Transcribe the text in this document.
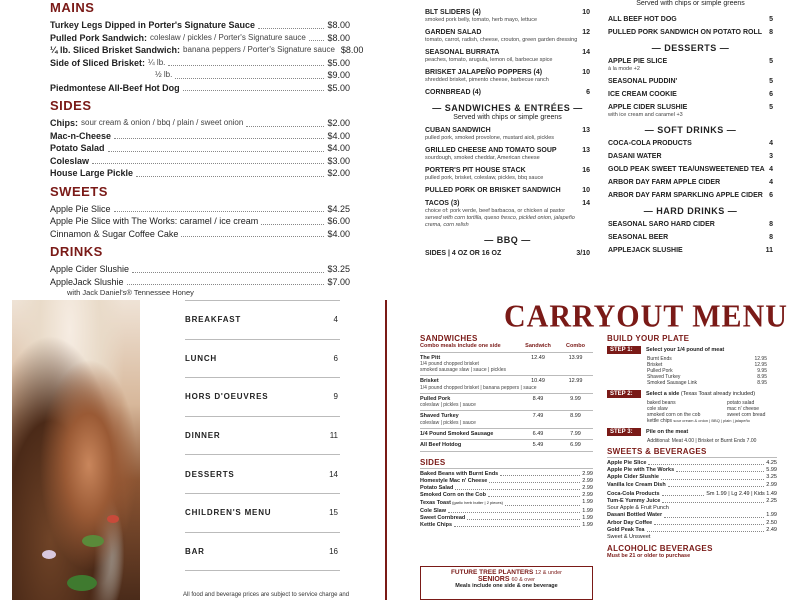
MAINS
Turkey Legs Dipped in Porter's Signature Sauce	$8.00
Pulled Pork Sandwich: coleslaw / pickles / Porter's Signature sauce $8.00
¼ lb. Sliced Brisket Sandwich: banana peppers / Porter's Signature sauce $8.00
Side of Sliced Brisket: ¼ lb.	$5.00
½ lb.	$9.00
Piedmontese All-Beef Hot Dog	$5.00
SIDES
Chips: sour cream & onion / bbq / plain / sweet onion	$2.00
Mac-n-Cheese	$4.00
Potato Salad	$4.00
Coleslaw	$3.00
House Large Pickle	$2.00
SWEETS
Apple Pie Slice	$4.25
Apple Pie Slice with The Works: caramel / ice cream	$6.00
Cinnamon & Sugar Coffee Cake	$4.00
DRINKS
Apple Cider Slushie	$3.25
AppleJack Slushie	$7.00
with Jack Daniel's® Tennessee Honey
BLT SLIDERS (4)	10
smoked pork belly, tomato, herb mayo, lettuce
GARDEN SALAD	12
tomato, carrot, radish, cheese, crouton, green garden dressing
SEASONAL BURRATA	14
peaches, tomato, arugula, lemon oil, barbecue spice
BRISKET JALAPEÑO POPPERS (4)	10
shredded brisket, pimento cheese, barbecue ranch
CORNBREAD (4)	6
— SANDWICHES & ENTRÉES —
Served with chips or simple greens
CUBAN SANDWICH	13
pulled pork, smoked provolone, mustard aioli, pickles
GRILLED CHEESE AND TOMATO SOUP	13
sourdough, smoked cheddar, American cheese
PORTER'S PIT HOUSE STACK	16
pulled pork, brisket, coleslaw, pickles, bbq sauce
PULLED PORK OR BRISKET SANDWICH	10
TACOS (3)	14
choice of: pork verde, beef barbacoa, or chicken al pastor
served with corn tortilla, queso fresco, pickled onion, jalapeño crema, corn relish
— BBQ —
SIDES | 4 OZ OR 16 OZ	3/10
Served with chips or simple greens
ALL BEEF HOT DOG	5
PULLED PORK SANDWICH ON POTATO ROLL 8
— DESSERTS —
APPLE PIE SLICE	5
à la mode +2
SEASONAL PUDDIN'	5
ICE CREAM COOKIE	6
APPLE CIDER SLUSHIE	5
with ice cream and caramel +3
— SOFT DRINKS —
COCA-COLA PRODUCTS	4
DASANI WATER	3
GOLD PEAK SWEET TEA/UNSWEETENED TEA 4
ARBOR DAY FARM APPLE CIDER	4
ARBOR DAY FARM SPARKLING APPLE CIDER 6
— HARD DRINKS —
SEASONAL SARO HARD CIDER	8
SEASONAL BEER	8
APPLEJACK SLUSHIE	11
BREAKFAST	4
LUNCH	6
HORS D'OEUVRES	9
DINNER	11
DESSERTS	14
CHILDREN'S MENU	15
BAR	16
All food and beverage prices are subject to service charge and
CARRYOUT MENU
SANDWICHES
Combo meals include one side	Sandwich	Combo
The Pitt	12.49	13.99
1/4 pound chopped brisket
smoked sausage slaw | sauce | pickles
Brisket	10.49	12.99
1/4 pound chopped brisket | banana peppers | sauce
Pulled Pork	8.49	9.99
coleslaw | pickles | sauce
Shaved Turkey	7.49	8.99
coleslaw | pickles | sauce
1/4 Pound Smoked Sausage	6.49	7.99
All Beef Hotdog	5.49	6.99
SIDES
Baked Beans with Burnt Ends	2.99
Homestyle Mac n' Cheese	2.99
Potato Salad	2.99
Smoked Corn on the Cob	2.99
Texas Toast (garlic herb butter | 2 pieces)	1.99
Cole Slaw	1.99
Sweet Cornbread	1.99
Kettle Chips	1.99
FUTURE TREE PLANTERS 12 & under
SENIORS 60 & over
Meals include one side & one beverage
BUILD YOUR PLATE
STEP 1:	Select your 1/4 pound of meat
Burnt Ends	12.95
Brisket	12.95
Pulled Pork	9.95
Shaved Turkey	8.95
Smoked Sausage Link	8.95
STEP 2:	Select a side (Texas Toast already included)
baked beans	potato salad
cole slaw	mac n' cheese
smoked corn on the cob	sweet corn bread
kettle chips sour cream & onion | BBQ | plain | jalapeño
STEP 3:	Pile on the meat
Additional: Meat 4.00 | Brisket or Burnt Ends 7.00
SWEETS & BEVERAGES
Apple Pie Slice	4.25
Apple Pie with The Works	5.99
Apple Cider Slushie	3.25
Vanilla Ice Cream Dish	2.99
Coca-Cola Products	Sm 1.99 | Lg 2.49 | Kids 1.49
Tum-E Yummy Juice	2.25
Sour Apple & Fruit Punch
Dasani Bottled Water	1.99
Arbor Day Coffee	2.50
Gold Peak Tea	2.49
Sweet & Unsweet
ALCOHOLIC BEVERAGES
Must be 21 or older to purchase
